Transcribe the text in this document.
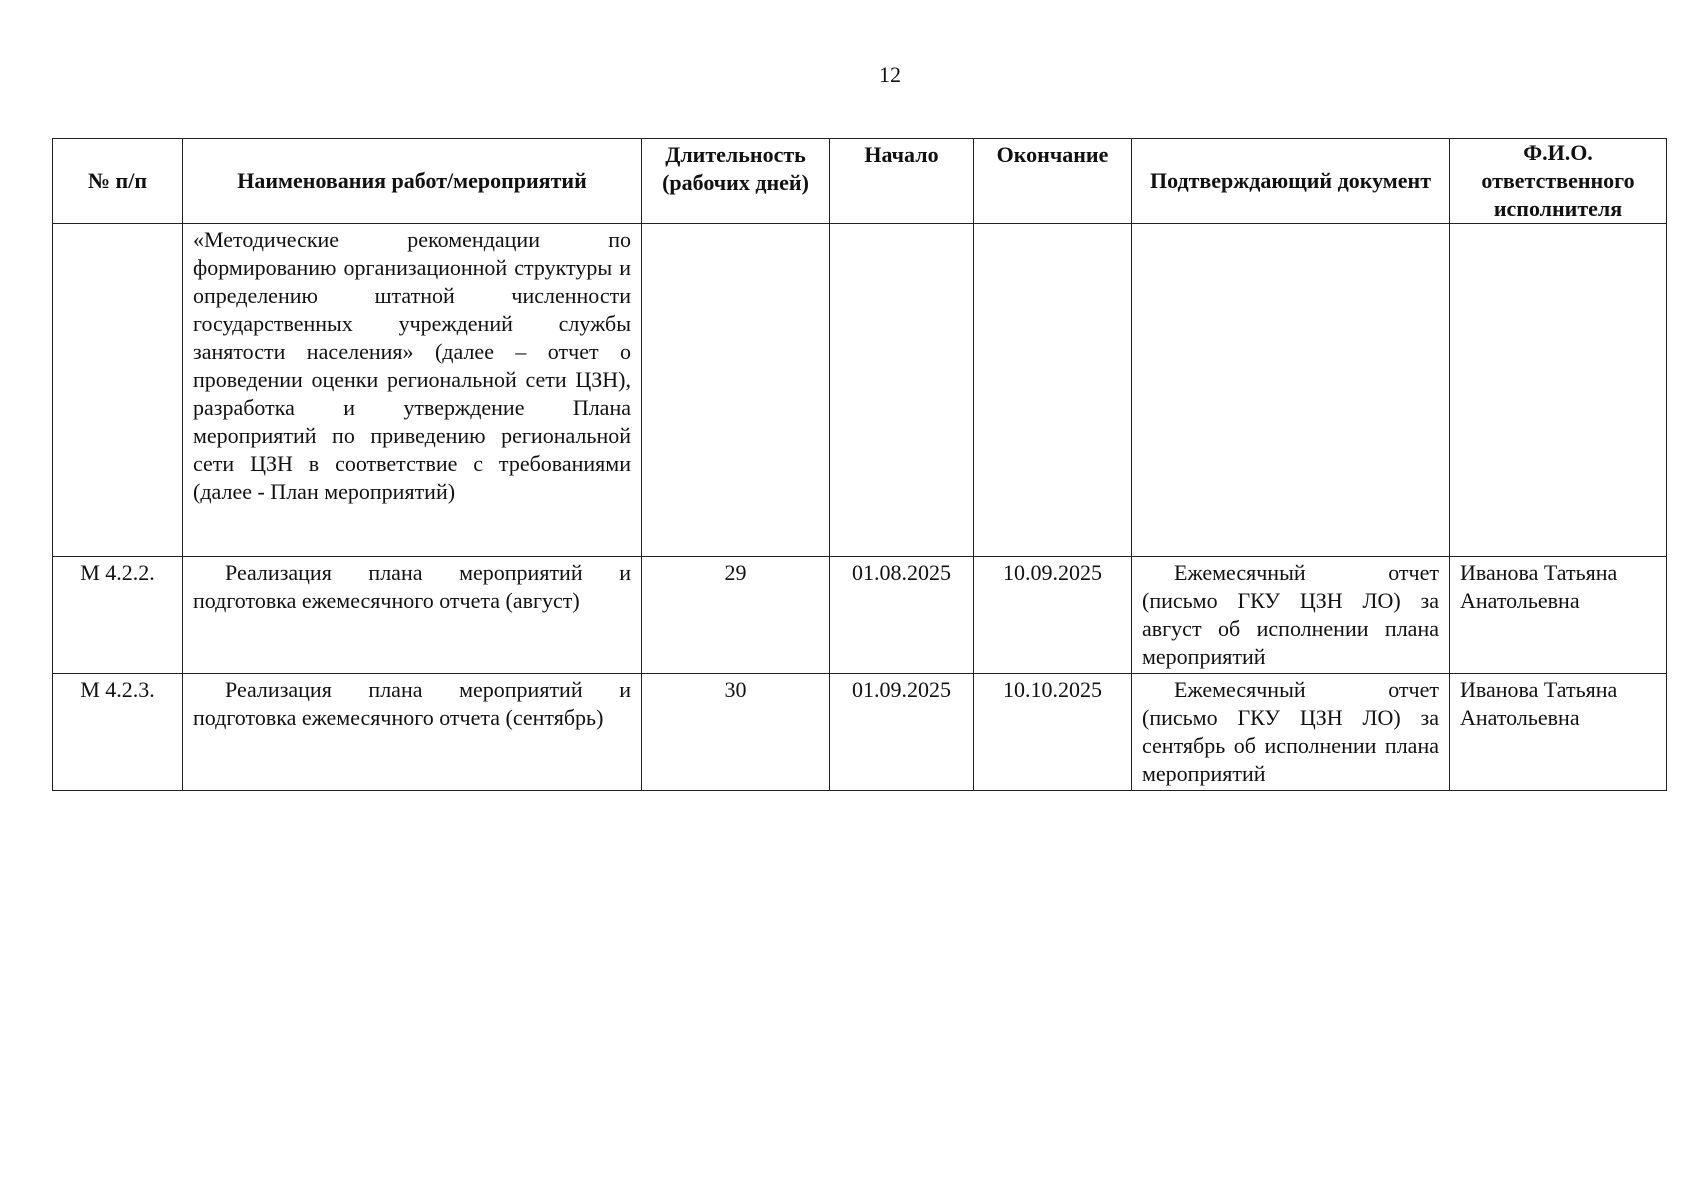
12
№ п/п	Наименования работ/мероприятий	Длительность (рабочих дней)	Начало	Окончание	Подтверждающий документ	Ф.И.О. ответственного исполнителя
	«Методические рекомендации по формированию организационной структуры и определению штатной численности государственных учреждений службы занятости населения» (далее – отчет о проведении оценки региональной сети ЦЗН), разработка и утверждение Плана мероприятий по приведению региональной сети ЦЗН в соответствие с требованиями (далее - План мероприятий)					
М 4.2.2.	Реализация плана мероприятий и подготовка ежемесячного отчета (август)	29	01.08.2025	10.09.2025	Ежемесячный отчет (письмо ГКУ ЦЗН ЛО) за август об исполнении плана мероприятий	Иванова Татьяна Анатольевна
М 4.2.3.	Реализация плана мероприятий и подготовка ежемесячного отчета (сентябрь)	30	01.09.2025	10.10.2025	Ежемесячный отчет (письмо ГКУ ЦЗН ЛО) за сентябрь об исполнении плана мероприятий	Иванова Татьяна Анатольевна
